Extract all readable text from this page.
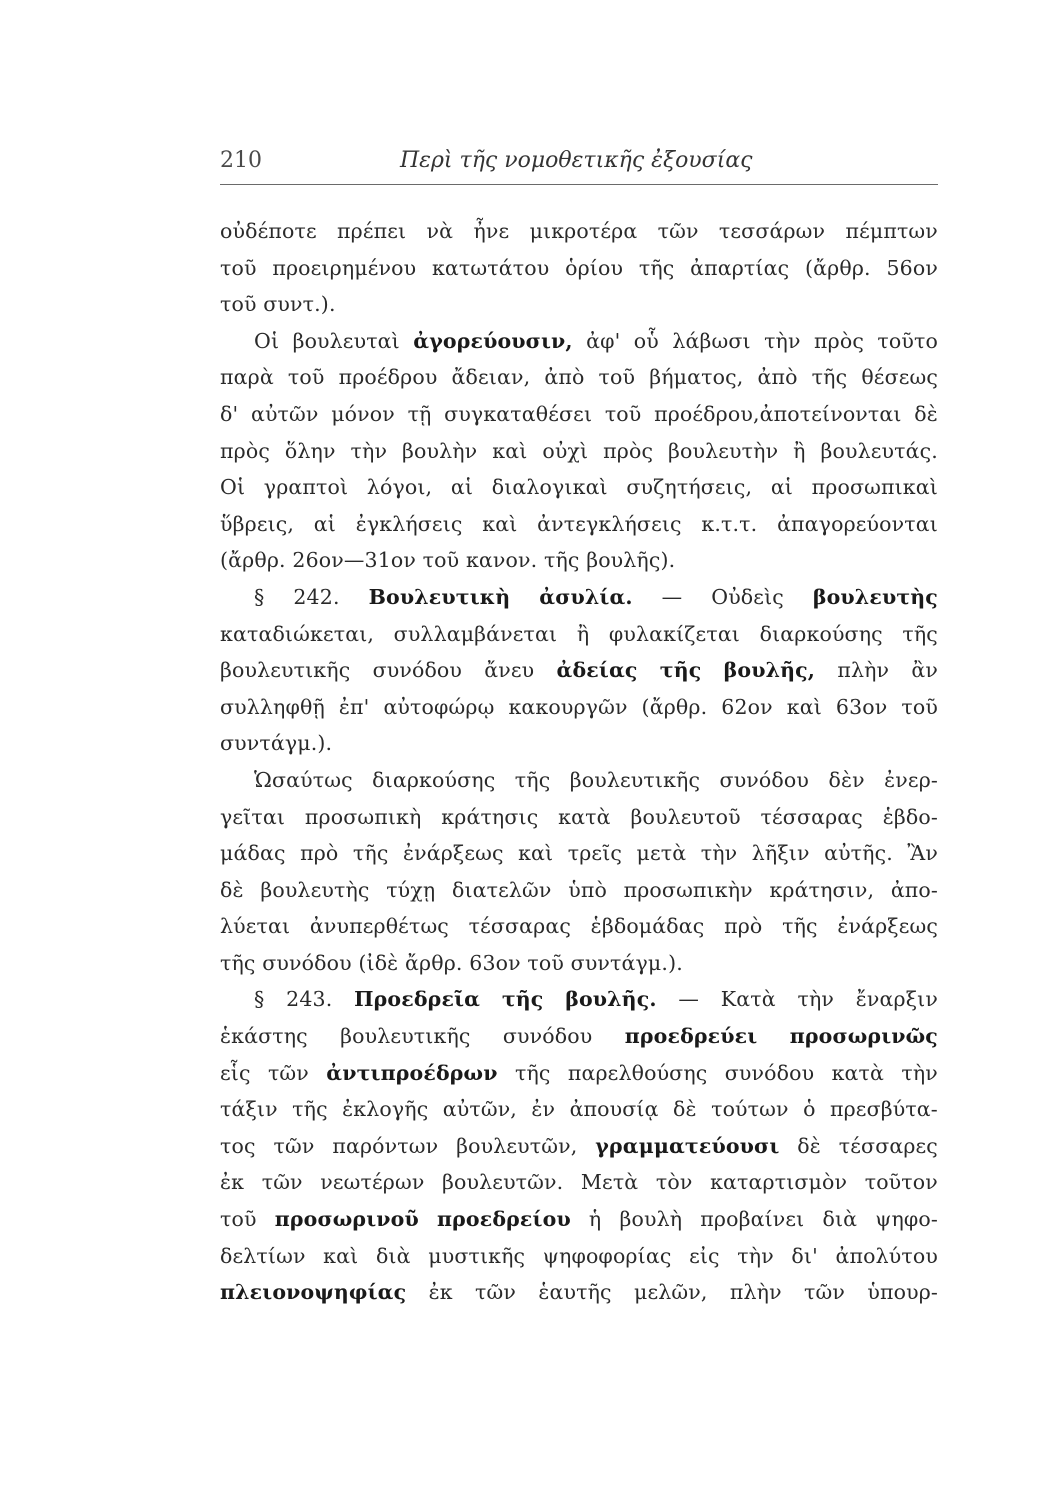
210	Περὶ τῆς νομοθετικῆς ἐξουσίας
οὐδέποτε πρέπει νὰ ἦνε μικροτέρα τῶν τεσσάρων πέμπτων
τοῦ προειρημένου κατωτάτου ὁρίου τῆς ἀπαρτίας (ἄρθρ. 56ον
τοῦ συντ.).
Οἱ βουλευταὶ ἀγορεύουσιν, ἀφ' οὗ λάβωσι τὴν πρὸς τοῦτο
παρὰ τοῦ προέδρου ἄδειαν, ἀπὸ τοῦ βήματος, ἀπὸ τῆς θέσεως
δ' αὐτῶν μόνον τῇ συγκαταθέσει τοῦ προέδρου,ἀποτείνονται δὲ
πρὸς ὅλην τὴν βουλὴν καὶ οὐχὶ πρὸς βουλευτὴν ἢ βουλευτάς.
Οἱ γραπτοὶ λόγοι, αἱ διαλογικαὶ συζητήσεις, αἱ προσωπικαὶ
ὕβρεις, αἱ ἐγκλήσεις καὶ ἀντεγκλήσεις κ.τ.τ. ἀπαγορεύονται
(ἄρθρ. 26ον—31ον τοῦ κανον. τῆς βουλῆς).
§ 242. Βουλευτικὴ ἀσυλία. — Οὐδεὶς βουλευτὴς
καταδιώκεται, συλλαμβάνεται ἢ φυλακίζεται διαρκούσης τῆς
βουλευτικῆς συνόδου ἄνευ ἀδείας τῆς βουλῆς, πλὴν ἂν
συλληφθῇ ἐπ' αὐτοφώρῳ κακουργῶν (ἄρθρ. 62ον καὶ 63ον τοῦ
συντάγμ.).
Ὡσαύτως διαρκούσης τῆς βουλευτικῆς συνόδου δὲν ἐνερ-
γεῖται προσωπικὴ κράτησις κατὰ βουλευτοῦ τέσσαρας ἑβδο-
μάδας πρὸ τῆς ἐνάρξεως καὶ τρεῖς μετὰ τὴν λῆξιν αὐτῆς. Ἂν
δὲ βουλευτὴς τύχῃ διατελῶν ὑπὸ προσωπικὴν κράτησιν, ἀπο-
λύεται ἀνυπερθέτως τέσσαρας ἑβδομάδας πρὸ τῆς ἐνάρξεως
τῆς συνόδου (ἰδὲ ἄρθρ. 63ον τοῦ συντάγμ.).
§ 243. Προεδρεῖα τῆς βουλῆς. — Κατὰ τὴν ἔναρξιν
ἑκάστης βουλευτικῆς συνόδου προεδρεύει προσωρινῶς
εἷς τῶν ἀντιπροέδρων τῆς παρελθούσης συνόδου κατὰ τὴν
τάξιν τῆς ἐκλογῆς αὐτῶν, ἐν ἀπουσίᾳ δὲ τούτων ὁ πρεσβύτα-
τος τῶν παρόντων βουλευτῶν, γραμματεύουσι δὲ τέσσαρες
ἐκ τῶν νεωτέρων βουλευτῶν. Μετὰ τὸν καταρτισμὸν τοῦτον
τοῦ προσωρινοῦ προεδρείου ἡ βουλὴ προβαίνει διὰ ψηφο-
δελτίων καὶ διὰ μυστικῆς ψηφοφορίας εἰς τὴν δι' ἀπολύτου
πλειονοψηφίας ἐκ τῶν ἑαυτῆς μελῶν, πλὴν τῶν ὑπουρ-
